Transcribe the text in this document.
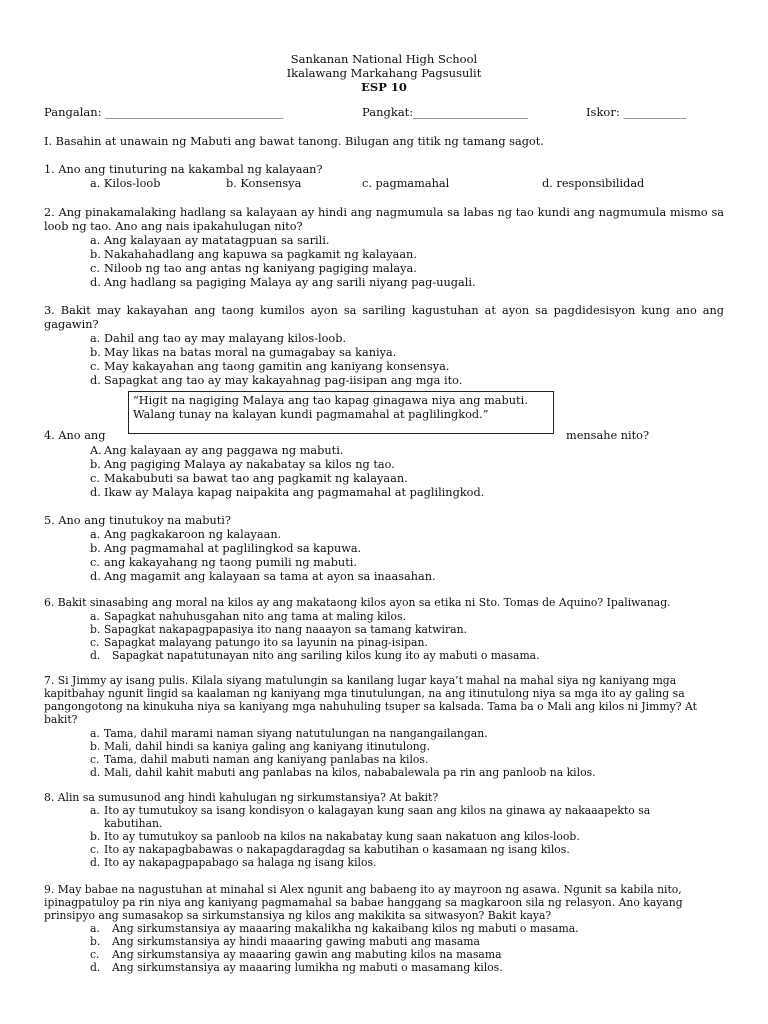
Sankanan National High School
Ikalawang Markahang Pagsusulit
ESP 10
Pangalan: _______________________________	Pangkat:____________________	Iskor: ___________
I. Basahin at unawain ng Mabuti ang bawat tanong. Bilugan ang titik ng tamang sagot.
1. Ano ang tinuturing na kakambal ng kalayaan?
a. Kilos-loob	b. Konsensya	c. pagmamahal	d. responsibilidad
2. Ang pinakamalaking hadlang sa kalayaan ay hindi ang nagmumula sa labas ng tao kundi ang nagmumula mismo sa loob ng tao. Ano ang nais ipakahulugan nito?
a. Ang kalayaan ay matatagpuan sa sarili.
b. Nakahahadlang ang kapuwa sa pagkamit ng kalayaan.
c. Niloob ng tao ang antas ng kaniyang pagiging malaya.
d. Ang hadlang sa pagiging Malaya ay ang sarili niyang pag-uugali.
3. Bakit may kakayahan ang taong kumilos ayon sa sariling kagustuhan at ayon sa pagdidesisyon kung ano ang gagawin?
a. Dahil ang tao ay may malayang kilos-loob.
b. May likas na batas moral na gumagabay sa kaniya.
c. May kakayahan ang taong gamitin ang kaniyang konsensya.
d. Sapagkat ang tao ay may kakayahnag pag-iisipan ang mga ito.
“Higit na nagiging Malaya ang tao kapag ginagawa niya ang mabuti.
Walang tunay na kalayan kundi pagmamahal at paglilingkod.”
4. Ano ang	mensahe nito?
A. Ang kalayaan ay ang paggawa ng mabuti.
b. Ang pagiging Malaya ay nakabatay sa kilos ng tao.
c. Makabubuti sa bawat tao ang pagkamit ng kalayaan.
d. Ikaw ay Malaya kapag naipakita ang pagmamahal at paglilingkod.
5. Ano ang tinutukoy na mabuti?
a. Ang pagkakaroon ng kalayaan.
b. Ang pagmamahal at paglilingkod sa kapuwa.
c. ang kakayahang ng taong pumili ng mabuti.
d. Ang magamit ang kalayaan sa tama at ayon sa inaasahan.
6. Bakit sinasabing ang moral na kilos ay ang makataong kilos ayon sa etika ni Sto. Tomas de Aquino? Ipaliwanag.
a. Sapagkat nahuhusgahan nito ang tama at maling kilos.
b. Sapagkat nakapagpapasiya ito nang naaayon sa tamang katwiran.
c. Sapagkat malayang patungo ito sa layunin na pinag-isipan.
d. Sapagkat napatutunayan nito ang sariling kilos kung ito ay mabuti o masama.
7. Si Jimmy ay isang pulis. Kilala siyang matulungin sa kanilang lugar kaya’t mahal na mahal siya ng kaniyang mga kapitbahay ngunit lingid sa kaalaman ng kaniyang mga tinutulungan, na ang itinutulong niya sa mga ito ay galing sa pangongotong na kinukuha niya sa kaniyang mga nahuhuling tsuper sa kalsada. Tama ba o Mali ang kilos ni Jimmy? At bakit?
a. Tama, dahil marami naman siyang natutulungan na nangangailangan.
b. Mali, dahil hindi sa kaniya galing ang kaniyang itinutulong.
c. Tama, dahil mabuti naman ang kaniyang panlabas na kilos.
d. Mali, dahil kahit mabuti ang panlabas na kilos, nababalewala pa rin ang panloob na kilos.
8. Alin sa sumusunod ang hindi kahulugan ng sirkumstansiya? At bakit?
a. Ito ay tumutukoy sa isang kondisyon o kalagayan kung saan ang kilos na ginawa ay nakaaapekto sa
kabutihan.
b. Ito ay tumutukoy sa panloob na kilos na nakabatay kung saan nakatuon ang kilos-loob.
c. Ito ay nakapagbabawas o nakapagdaragdag sa kabutihan o kasamaan ng isang kilos.
d. Ito ay nakapagpapabago sa halaga ng isang kilos.
9. May babae na nagustuhan at minahal si Alex ngunit ang babaeng ito ay mayroon ng asawa. Ngunit sa kabila nito, ipinagpatuloy pa rin niya ang kaniyang pagmamahal sa babae hanggang sa magkaroon sila ng relasyon. Ano kayang prinsipyo ang sumasakop sa sirkumstansiya ng kilos ang makikita sa sitwasyon? Bakit kaya?
a. Ang sirkumstansiya ay maaaring makalikha ng kakaibang kilos ng mabuti o masama.
b. Ang sirkumstansiya ay hindi maaaring gawing mabuti ang masama
c. Ang sirkumstansiya ay maaaring gawin ang mabuting kilos na masama
d. Ang sirkumstansiya ay maaaring lumikha ng mabuti o masamang kilos.
